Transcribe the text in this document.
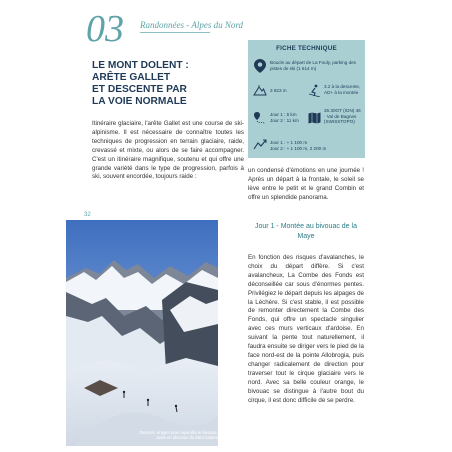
03 Randonnées - Alpes du Nord
LE MONT DOLENT :
ARÊTE GALLET
ET DESCENTE PAR
LA VOIE NORMALE
Itinéraire glaciaire, l'arête Gallet est une course de ski-alpinisme. Il est nécessaire de connaître toutes les techniques de progression en terrain glaciaire, raide, crevassé et mixte, ou alors de se faire accompagner. C'est un itinéraire magnifique, soutenu et qui offre une grande variété dans le type de progression, parfois à ski, souvent encordée, toujours raide :
32
FICHE TECHNIQUE
Boucle au départ de La Fouly, parking des pistes de ski (1 614 m)
3 823 m
3.2 à la descente, AD+ à la montée
Jour 1 : 5 km
Jour 2 : 11 km
36.30OT (IGN) 46 · Val de Bagnes (SWISSTOPO)
Jour 1 : + 1 100 m
Jour 2 : + 1 100 m, 2 200 m
un condensé d'émotions en une journée ! Après un départ à la frontale, le soleil se lève entre le petit et le grand Combin et offre un splendide panorama.
Jour 1 - Montée au bivouac de la Maye
En fonction des risques d'avalanches, le choix du départ diffère. Si c'est avalancheux, La Combe des Fonds est déconseillée car sous d'énormes pentes. Privilégiez le départ depuis les alpages de la Léchère. Si c'est stable, il est possible de remonter directement la Combe des Fonds, qui offre un spectacle singulier avec ces murs verticaux d'ardoise. En suivant la pente tout naturellement, il faudra ensuite se diriger vers le pied de la face nord-est de la pointe Allobrogia, puis changer radicalement de direction pour traverser tout le cirque glaciaire vers le nord. Avec sa belle couleur orange, le bivouac se distingue à l'autre bout du cirque, il est donc difficile de se perdre.
Derniers virages pour rejoindre le bivouac. Juste en dessous du Mont Dolent
